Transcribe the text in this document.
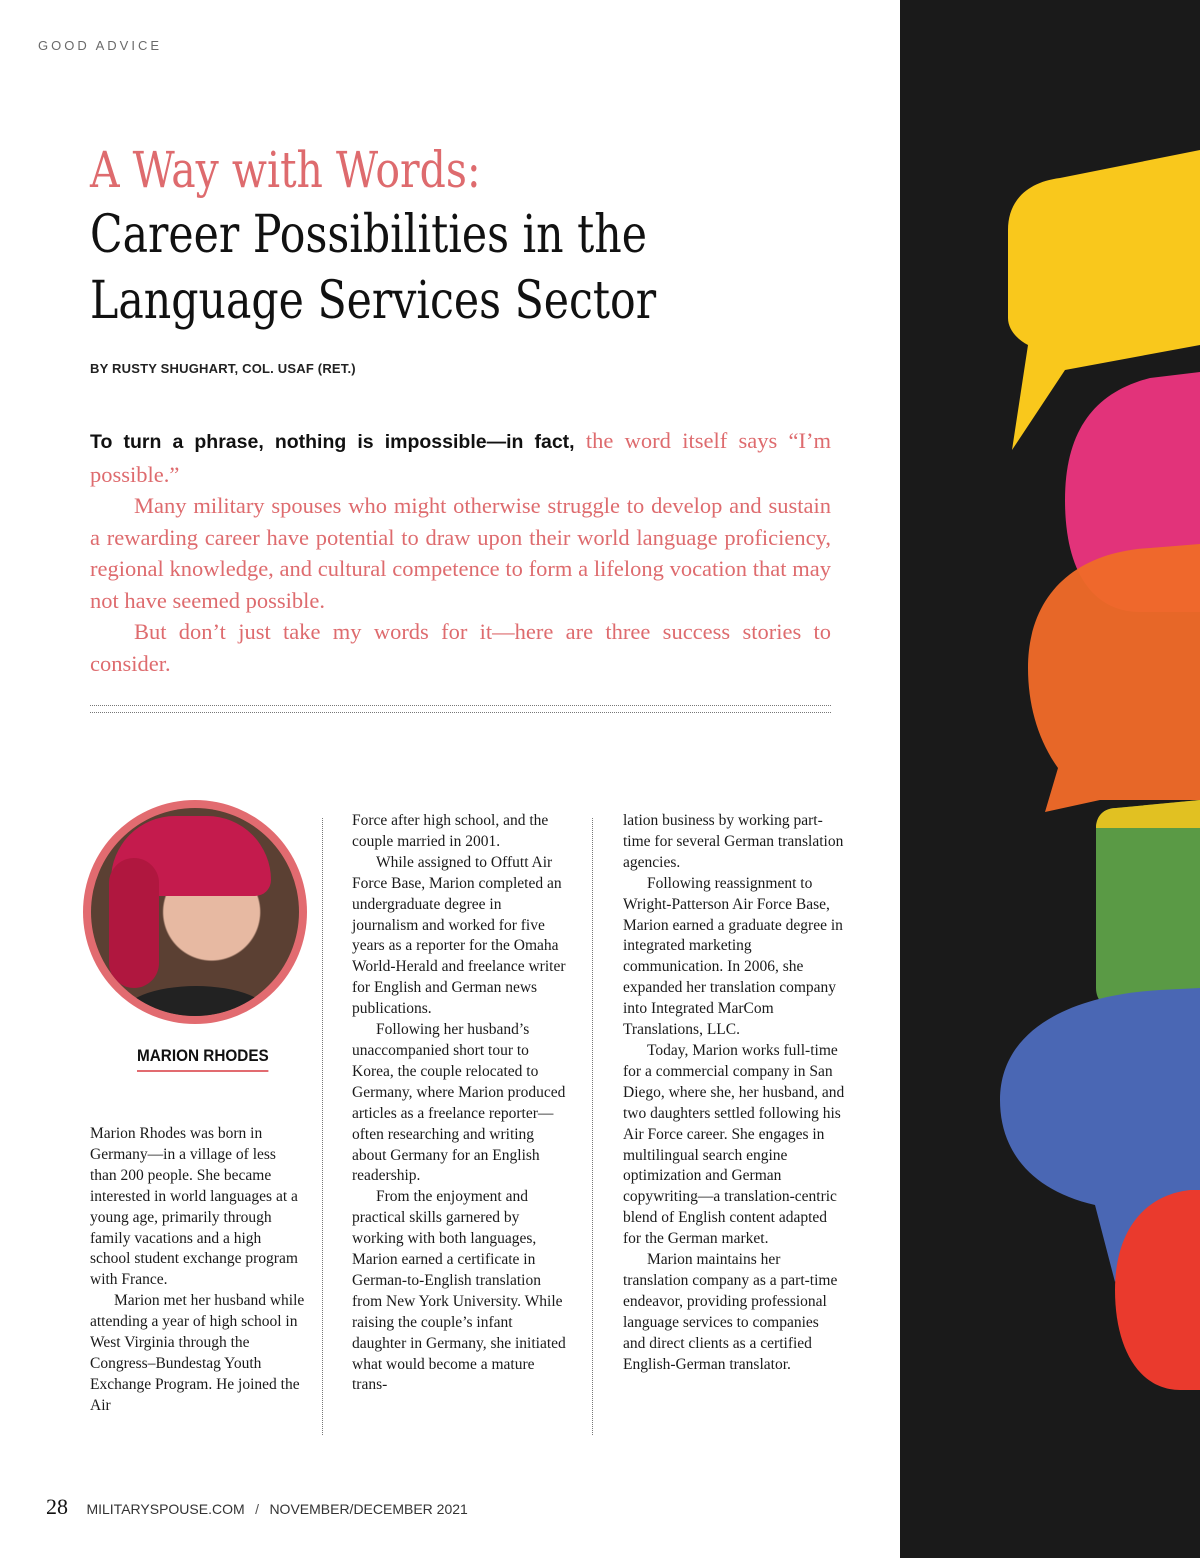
GOOD ADVICE
A Way with Words:
Career Possibilities in the
Language Services Sector
BY RUSTY SHUGHART, COL. USAF (RET.)

To turn a phrase, nothing is impossible—in fact, the word itself says “I’m possible.”

Many military spouses who might otherwise struggle to develop and sustain a rewarding career have potential to draw upon their world language proficiency, regional knowledge, and cultural competence to form a lifelong vocation that may not have seemed possible.

But don’t just take my words for it—here are three success stories to consider.

MARION RHODES

Marion Rhodes was born in Germany—in a village of less than 200 people. She became interested in world languages at a young age, primarily through family vacations and a high school student exchange program with France.

Marion met her husband while attending a year of high school in West Virginia through the Congress–Bundestag Youth Exchange Program. He joined the Air

Force after high school, and the couple married in 2001.

While assigned to Offutt Air Force Base, Marion completed an undergraduate degree in journalism and worked for five years as a reporter for the Omaha World-Herald and freelance writer for English and German news publications.

Following her husband’s unaccompanied short tour to Korea, the couple relocated to Germany, where Marion produced articles as a freelance reporter—often researching and writing about Germany for an English readership.

From the enjoyment and practical skills garnered by working with both languages, Marion earned a certificate in German-to-English translation from New York University. While raising the couple’s infant daughter in Germany, she initiated what would become a mature trans-

lation business by working part-time for several German translation agencies.

Following reassignment to Wright-Patterson Air Force Base, Marion earned a graduate degree in integrated marketing communication. In 2006, she expanded her translation company into Integrated MarCom Translations, LLC.

Today, Marion works full-time for a commercial company in San Diego, where she, her husband, and two daughters settled following his Air Force career. She engages in multilingual search engine optimization and German copywriting—a translation-centric blend of English content adapted for the German market.

Marion maintains her translation company as a part-time endeavor, providing professional language services to companies and direct clients as a certified English-German translator.

28 MILITARYSPOUSE.COM / NOVEMBER/DECEMBER 2021
